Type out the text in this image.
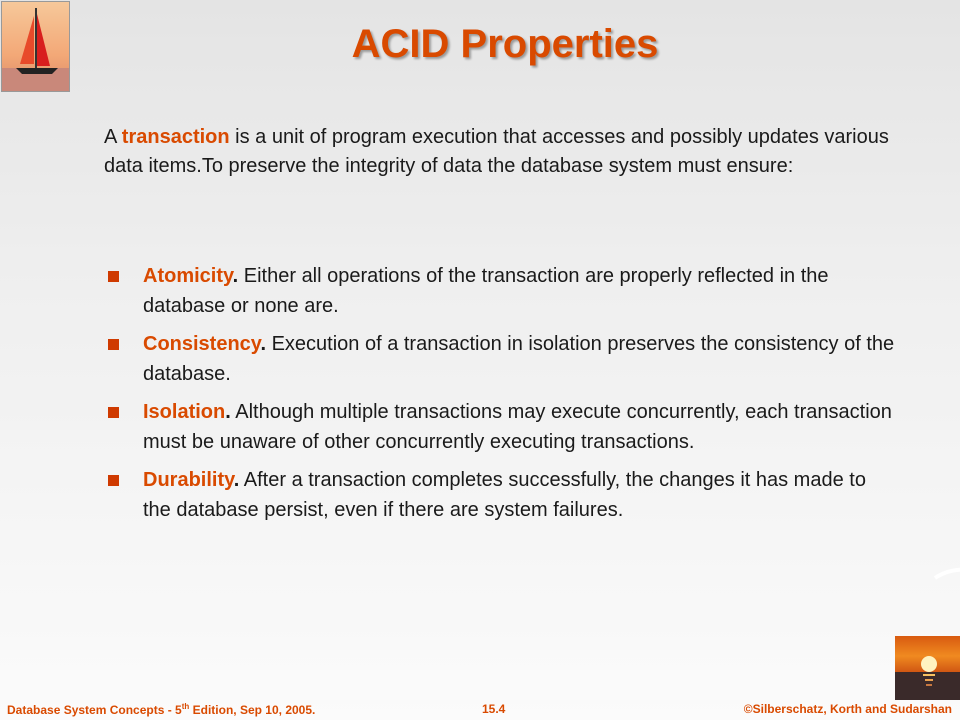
ACID Properties
A transaction is a unit of program execution that accesses and possibly updates various data items.To preserve the integrity of data the database system must ensure:
Atomicity. Either all operations of the transaction are properly reflected in the database or none are.
Consistency. Execution of a transaction in isolation preserves the consistency of the database.
Isolation. Although multiple transactions may execute concurrently, each transaction must be unaware of other concurrently executing transactions.
Durability. After a transaction completes successfully, the changes it has made to the database persist, even if there are system failures.
Database System Concepts - 5th Edition, Sep 10, 2005.	15.4	©Silberschatz, Korth and Sudarshan
